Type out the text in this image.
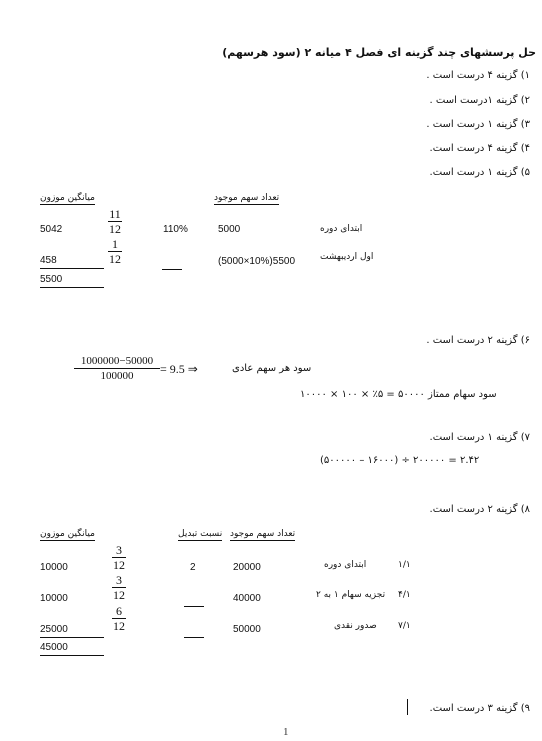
حل پرسشهای چند گزینه ای فصل ۴ میانه ۲ (سود هرسهم)
۱) گزینه ۴ درست است .
۲) گزینه ۱درست است .
۳) گزینه ۱ درست است .
۴) گزینه ۴ درست است.
۵) گزینه ۱ درست است.
تعداد سهم موجود
میانگین موزون
ابتدای دوره
5000
110%
$\frac{11}{12}$
5042
اول اردیبهشت
(5000×10%)5500
$\frac{1}{12}$
458
5500
۶) گزینه ۲ درست است .
$\frac{1000000-50000}{100000} = 9.5$ ⇒	سود هر سهم عادی
سود سهام ممتاز ۵۰۰۰۰ = ۵٪ × ۱۰۰ × ۱۰۰۰۰
۷) گزینه ۱ درست است.
۲.۴۲ = ۲۰۰۰۰۰ ÷ (۱۶۰۰۰ – ۵۰۰۰۰۰)
۸) گزینه ۲ درست است.
تعداد سهم موجود
نسبت تبدیل
میانگین موزون
۱/۱
ابتدای دوره
20000
2
$\frac{3}{12}$
10000
۴/۱
تجزیه سهام ۱ به ۲
40000
$\frac{3}{12}$
10000
۷/۱
صدور نقدی
50000
$\frac{6}{12}$
25000
45000
۹) گزینه ۳ درست است.
1
